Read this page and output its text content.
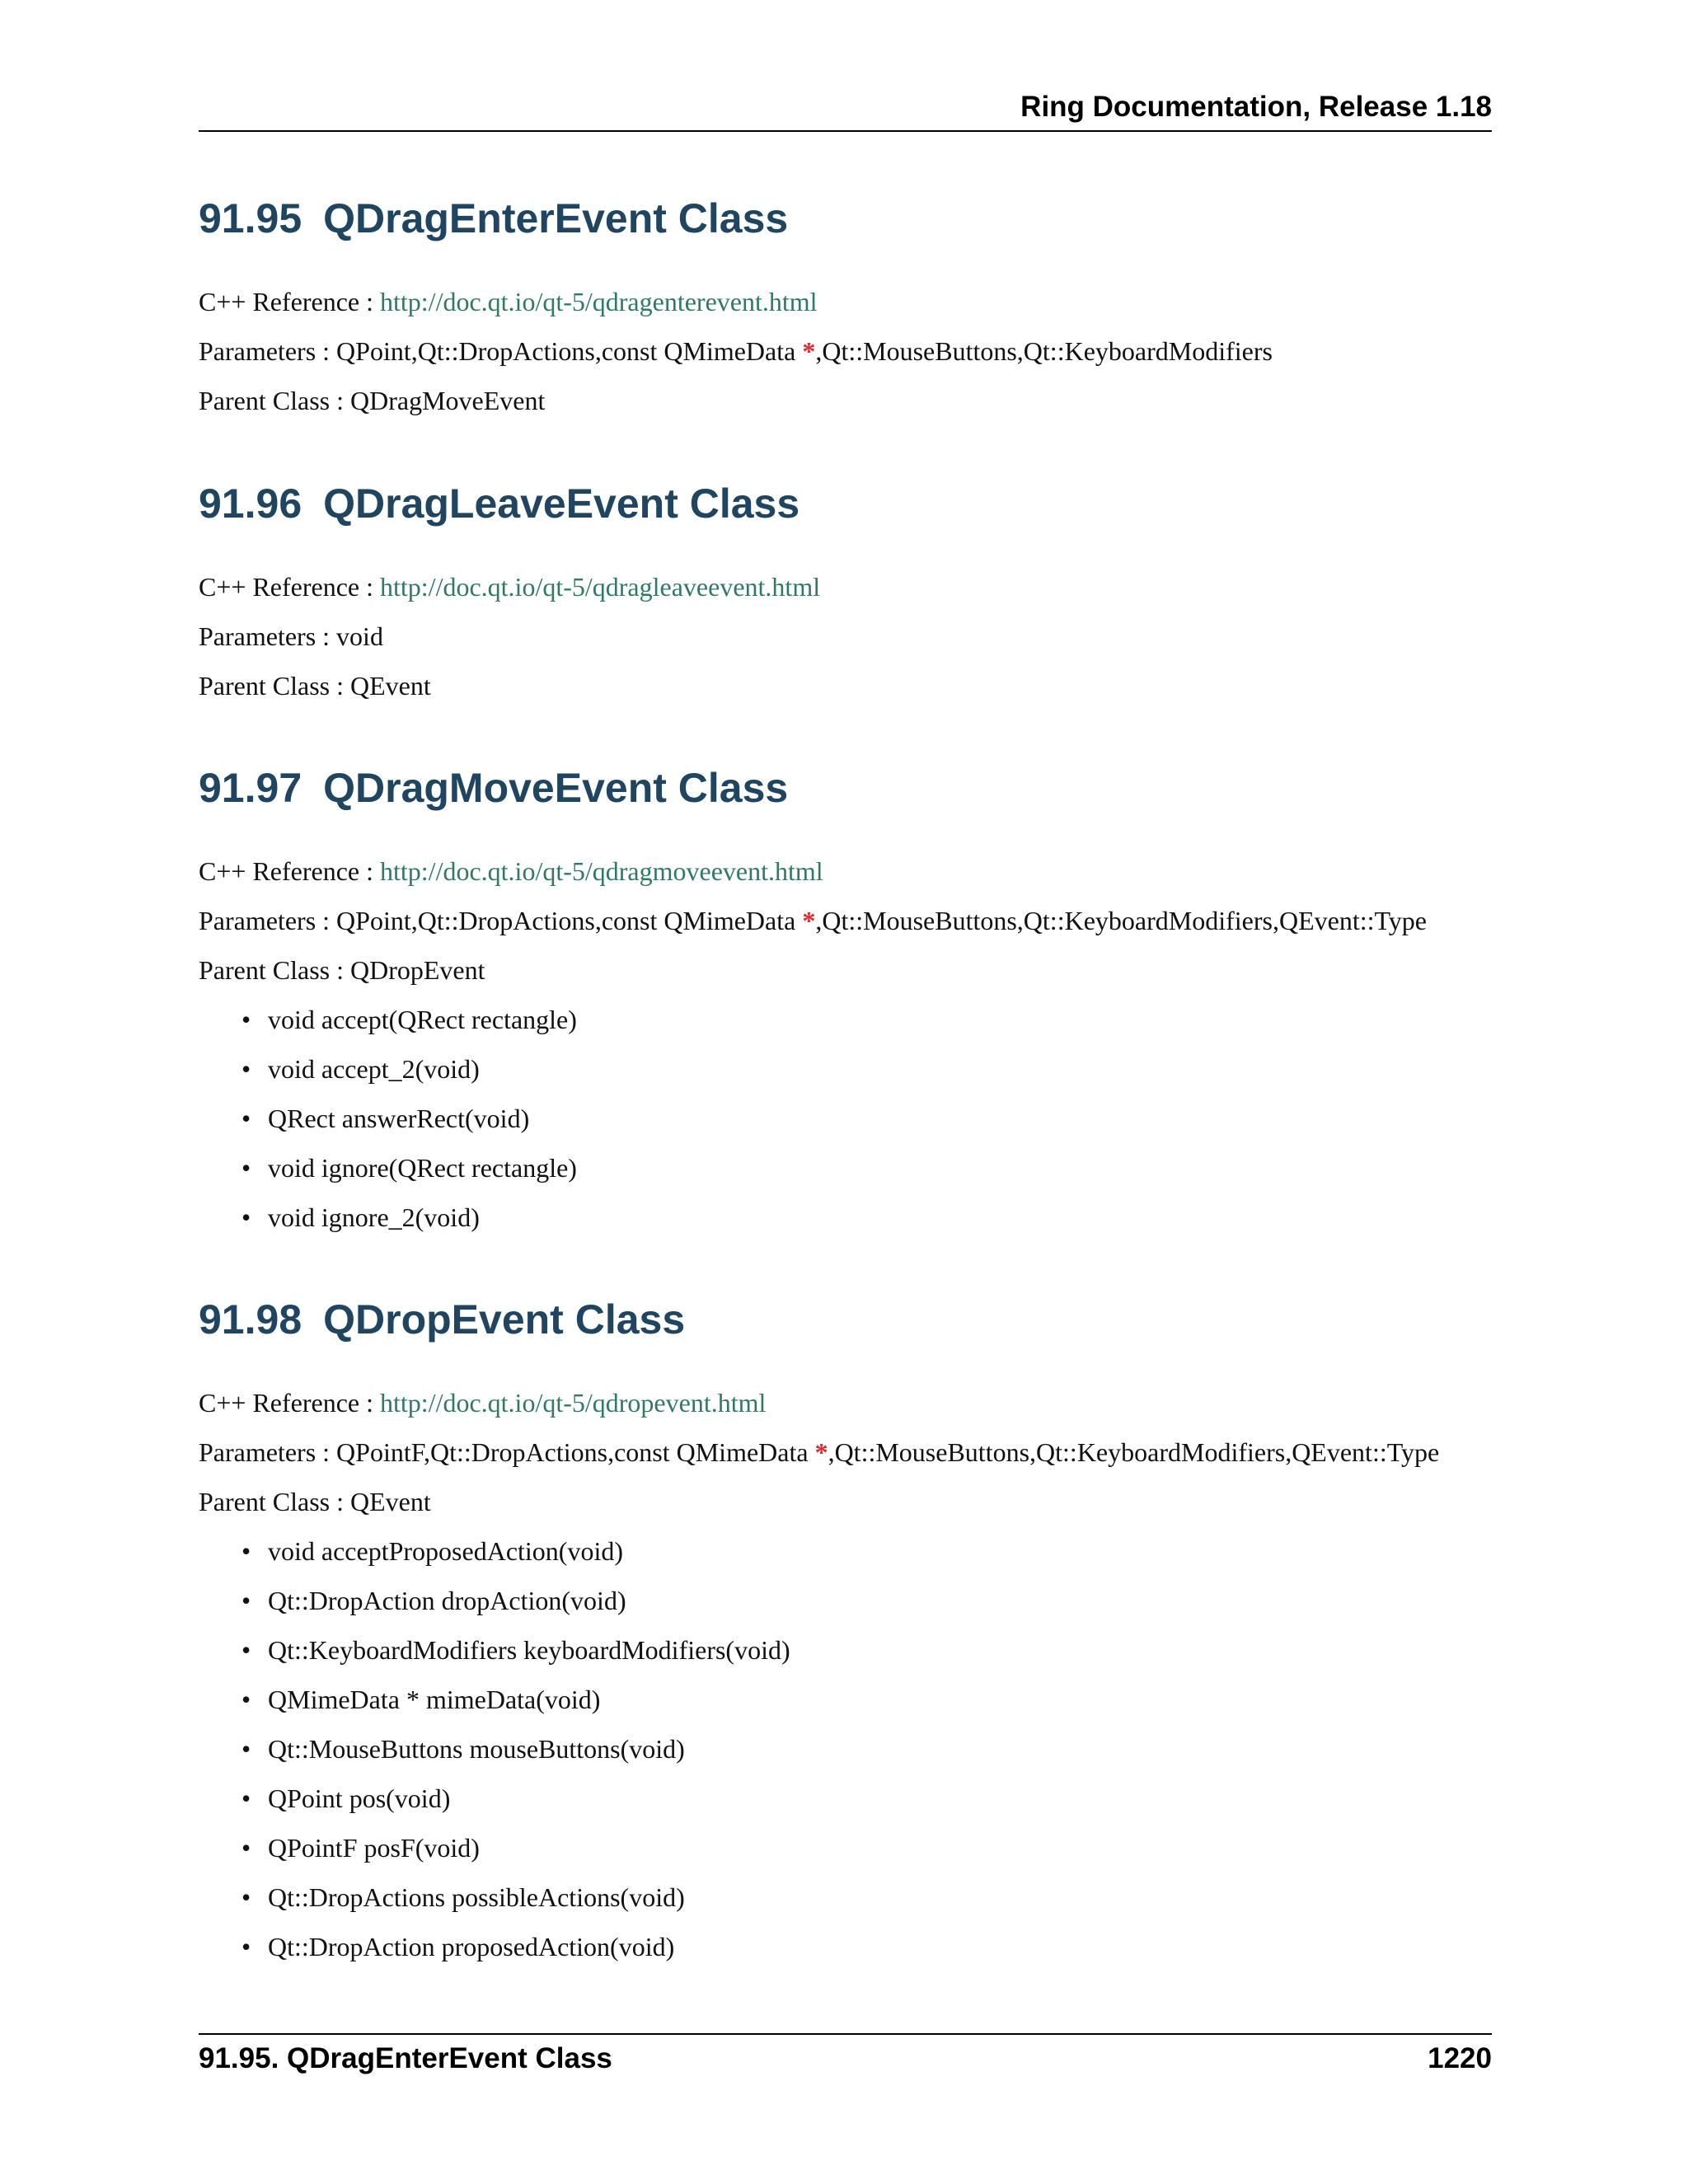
Ring Documentation, Release 1.18
91.95 QDragEnterEvent Class
C++ Reference : http://doc.qt.io/qt-5/qdragenterevent.html
Parameters : QPoint,Qt::DropActions,const QMimeData *,Qt::MouseButtons,Qt::KeyboardModifiers
Parent Class : QDragMoveEvent
91.96 QDragLeaveEvent Class
C++ Reference : http://doc.qt.io/qt-5/qdragleaveevent.html
Parameters : void
Parent Class : QEvent
91.97 QDragMoveEvent Class
C++ Reference : http://doc.qt.io/qt-5/qdragmoveevent.html
Parameters : QPoint,Qt::DropActions,const QMimeData *,Qt::MouseButtons,Qt::KeyboardModifiers,QEvent::Type
Parent Class : QDropEvent
• void accept(QRect rectangle)
• void accept_2(void)
• QRect answerRect(void)
• void ignore(QRect rectangle)
• void ignore_2(void)
91.98 QDropEvent Class
C++ Reference : http://doc.qt.io/qt-5/qdropevent.html
Parameters : QPointF,Qt::DropActions,const QMimeData *,Qt::MouseButtons,Qt::KeyboardModifiers,QEvent::Type
Parent Class : QEvent
• void acceptProposedAction(void)
• Qt::DropAction dropAction(void)
• Qt::KeyboardModifiers keyboardModifiers(void)
• QMimeData * mimeData(void)
• Qt::MouseButtons mouseButtons(void)
• QPoint pos(void)
• QPointF posF(void)
• Qt::DropActions possibleActions(void)
• Qt::DropAction proposedAction(void)
91.95. QDragEnterEvent Class	1220
